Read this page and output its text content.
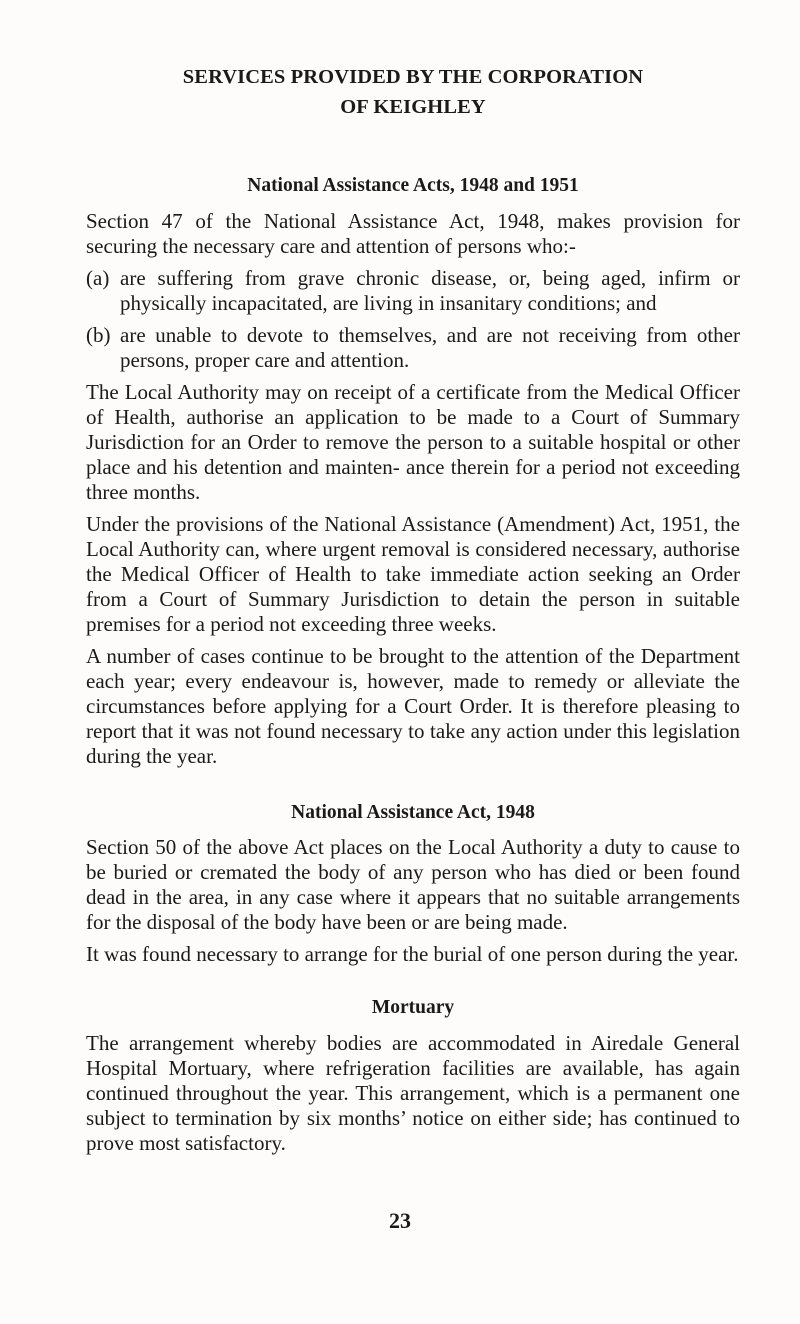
SERVICES PROVIDED BY THE CORPORATION
OF KEIGHLEY
National Assistance Acts, 1948 and 1951

Section 47 of the National Assistance Act, 1948, makes provision for securing the necessary care and attention of persons who:-

(a) are suffering from grave chronic disease, or, being aged, infirm or physically incapacitated, are living in insanitary conditions; and
(b) are unable to devote to themselves, and are not receiving from other persons, proper care and attention.

The Local Authority may on receipt of a certificate from the Medical Officer of Health, authorise an application to be made to a Court of Summary Jurisdiction for an Order to remove the person to a suitable hospital or other place and his detention and mainten- ance therein for a period not exceeding three months.

Under the provisions of the National Assistance (Amendment) Act, 1951, the Local Authority can, where urgent removal is considered necessary, authorise the Medical Officer of Health to take immediate action seeking an Order from a Court of Summary Jurisdiction to detain the person in suitable premises for a period not exceeding three weeks.

A number of cases continue to be brought to the attention of the Department each year; every endeavour is, however, made to remedy or alleviate the circumstances before applying for a Court Order. It is therefore pleasing to report that it was not found necessary to take any action under this legislation during the year.

National Assistance Act, 1948

Section 50 of the above Act places on the Local Authority a duty to cause to be buried or cremated the body of any person who has died or been found dead in the area, in any case where it appears that no suitable arrangements for the disposal of the body have been or are being made.

It was found necessary to arrange for the burial of one person during the year.

Mortuary

The arrangement whereby bodies are accommodated in Airedale General Hospital Mortuary, where refrigeration facilities are available, has again continued throughout the year. This arrangement, which is a permanent one subject to termination by six months’ notice on either side; has continued to prove most satisfactory.

23
